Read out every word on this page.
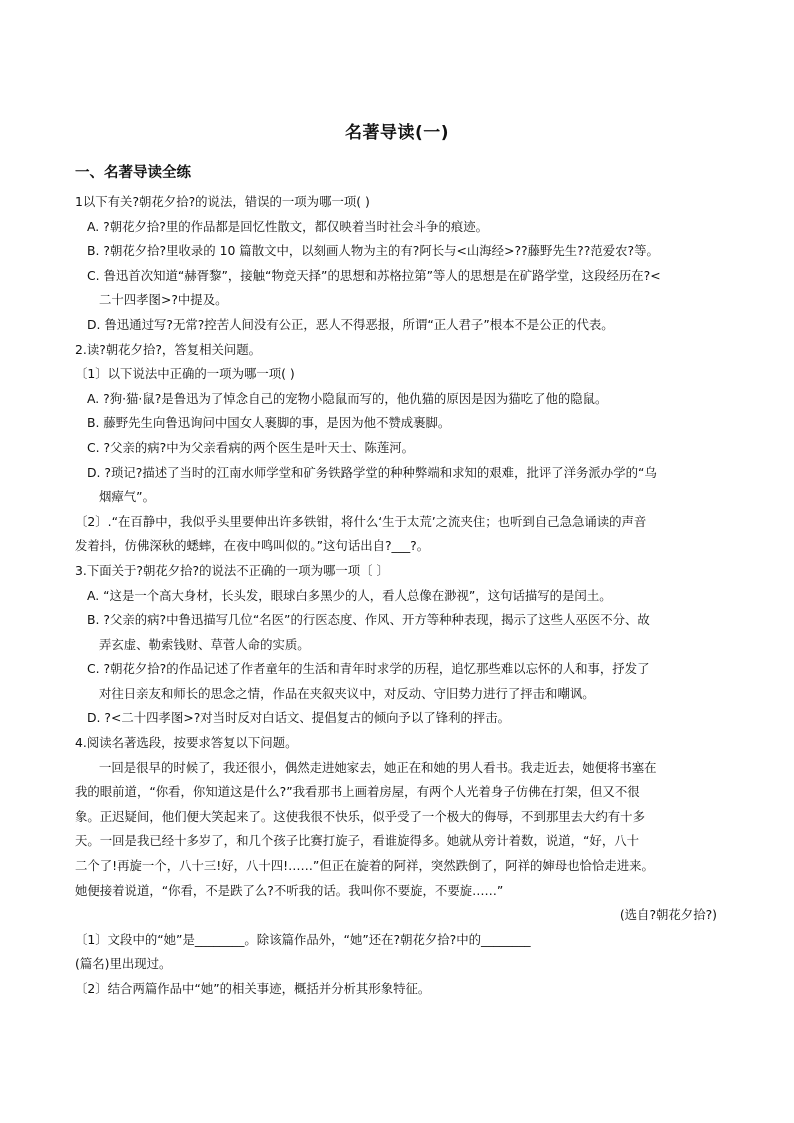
名著导读(一)
一、名著导读全练
1以下有关?朝花夕拾?的说法，错误的一项为哪一项( )
A. ?朝花夕拾?里的作品都是回忆性散文，都仅映着当时社会斗争的痕迹。
B. ?朝花夕拾?里收录的 10 篇散文中，以刻画人物为主的有?阿长与<山海经>??藤野先生??范爱农?等。
C. 鲁迅首次知道“赫胥黎”，接触“物竞天择”的思想和苏格拉第”等人的思想是在矿路学堂，这段经历在?<
二十四孝图>?中提及。
D. 鲁迅通过写?无常?控苦人间没有公正，恶人不得恶报，所谓“正人君子”根本不是公正的代表。
2.读?朝花夕拾?，答复相关问题。
〔1〕以下说法中正确的一项为哪一项( )
A. ?狗·猫·鼠?是鲁迅为了悼念自己的宠物小隐鼠而写的，他仇猫的原因是因为猫吃了他的隐鼠。
B. 藤野先生向鲁迅询问中国女人裹脚的事，是因为他不赞成裹脚。
C. ?父亲的病?中为父亲看病的两个医生是叶天士、陈莲河。
D. ?琐记?描述了当时的江南水师学堂和矿务铁路学堂的种种弊端和求知的艰难，批评了洋务派办学的“乌
烟瘴气”。
〔2〕.“在百静中，我似乎头里要伸出许多铁钳，将什么‘生于太荒’之流夹住；也听到自己急急诵读的声音
发着抖，仿佛深秋的蟋蟀，在夜中鸣叫似的。”这句话出自?___?。
3.下面关于?朝花夕拾?的说法不正确的一项为哪一项〔 〕
A. “这是一个高大身材，长头发，眼球白多黑少的人，看人总像在渺视”，这句话描写的是闰土。
B. ?父亲的病?中鲁迅描写几位“名医”的行医态度、作风、开方等种种表现，揭示了这些人巫医不分、故
弄玄虚、勒索钱财、草菅人命的实质。
C. ?朝花夕拾?的作品记述了作者童年的生活和青年时求学的历程，追忆那些难以忘怀的人和事，抒发了
对往日亲友和师长的思念之情，作品在夹叙夹议中，对反动、守旧势力进行了抨击和嘲讽。
D. ?<二十四孝图>?对当时反对白话文、提倡复古的倾向予以了锋利的抨击。
4.阅读名著选段，按要求答复以下问题。
一回是很早的时候了，我还很小，偶然走进她家去，她正在和她的男人看书。我走近去，她便将书塞在
我的眼前道，“你看，你知道这是什么?”我看那书上画着房屋，有两个人光着身子仿佛在打架，但又不很
象。正迟疑间，他们便大笑起来了。这使我很不快乐，似乎受了一个极大的侮辱，不到那里去大约有十多
天。一回是我已经十多岁了，和几个孩子比赛打旋子，看谁旋得多。她就从旁计着数，说道，“好，八十
二个了!再旋一个，八十三!好，八十四!……”但正在旋着的阿祥，突然跌倒了，阿祥的婶母也恰恰走进来。
她便接着说道，“你看，不是跌了么?不听我的话。我叫你不要旋，不要旋……”
(选自?朝花夕拾?)
〔1〕文段中的“她”是________。除该篇作品外，“她”还在?朝花夕拾?中的________
(篇名)里出现过。
〔2〕结合两篇作品中“她”的相关事迹，概括并分析其形象特征。
